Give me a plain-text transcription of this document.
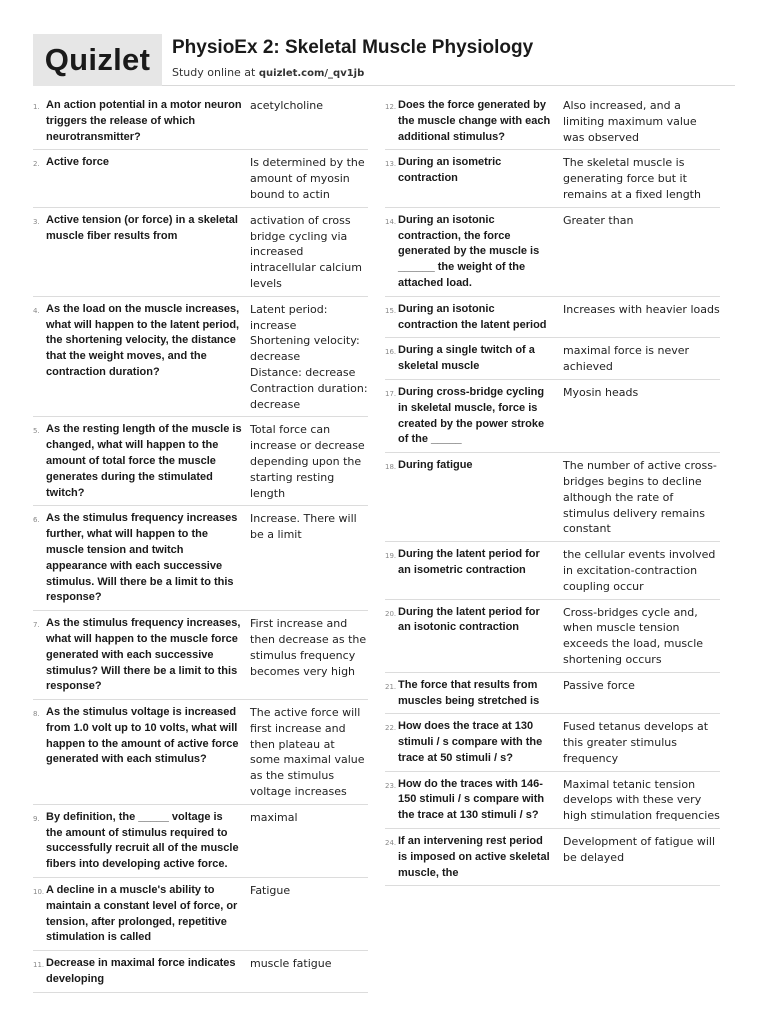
Quizlet	PhysioEx 2: Skeletal Muscle Physiology
Study online at quizlet.com/_qv1jb
1. An action potential in a motor neuron triggers the release of which neurotransmitter?
acetylcholine
2. Active force	Is determined by the amount of myosin bound to actin
3. Active tension (or force) in a skeletal muscle fiber results from
activation of cross bridge cycling via increased intracellular calcium levels
4. As the load on the muscle increases, what will happen to the latent period, the shortening velocity, the distance that the weight moves, and the contraction duration?
Latent period: increase
Shortening velocity: decrease
Distance: decrease
Contraction duration: decrease
5. As the resting length of the muscle is changed, what will happen to the amount of total force the muscle generates during the stimulated twitch?
Total force can increase or decrease depending upon the starting resting length
6. As the stimulus frequency increases further, what will happen to the muscle tension and twitch appearance with each successive stimulus. Will there be a limit to this response?
Increase. There will be a limit
7. As the stimulus frequency increases, what will happen to the muscle force generated with each successive stimulus? Will there be a limit to this response?
First increase and then decrease as the stimulus frequency becomes very high
8. As the stimulus voltage is increased from 1.0 volt up to 10 volts, what will happen to the amount of active force generated with each stimulus?
The active force will first increase and then plateau at some maximal value as the stimulus voltage increases
9. By definition, the _____ voltage is the amount of stimulus required to successfully recruit all of the muscle fibers into developing active force.
maximal
10. A decline in a muscle's ability to maintain a constant level of force, or tension, after prolonged, repetitive stimulation is called
Fatigue
11. Decrease in maximal force indicates developing
muscle fatigue
12. Does the force generated by the muscle change with each additional stimulus?
Also increased, and a limiting maximum value was observed
13. During an isometric contraction
The skeletal muscle is generating force but it remains at a fixed length
14. During an isotonic contraction, the force generated by the muscle is ______ the weight of the attached load.
Greater than
15. During an isotonic contraction the latent period
Increases with heavier loads
16. During a single twitch of a skeletal muscle
maximal force is never achieved
17. During cross-bridge cycling in skeletal muscle, force is created by the power stroke of the _____
Myosin heads
18. During fatigue	The number of active cross-bridges begins to decline although the rate of stimulus delivery remains constant
19. During the latent period for an isometric contraction
the cellular events involved in excitation-contraction coupling occur
20. During the latent period for an isotonic contraction
Cross-bridges cycle and, when muscle tension exceeds the load, muscle shortening occurs
21. The force that results from muscles being stretched is
Passive force
22. How does the trace at 130 stimuli / s compare with the trace at 50 stimuli / s?
Fused tetanus develops at this greater stimulus frequency
23. How do the traces with 146-150 stimuli / s compare with the trace at 130 stimuli / s?
Maximal tetanic tension develops with these very high stimulation frequencies
24. If an intervening rest period is imposed on active skeletal muscle, the
Development of fatigue will be delayed
